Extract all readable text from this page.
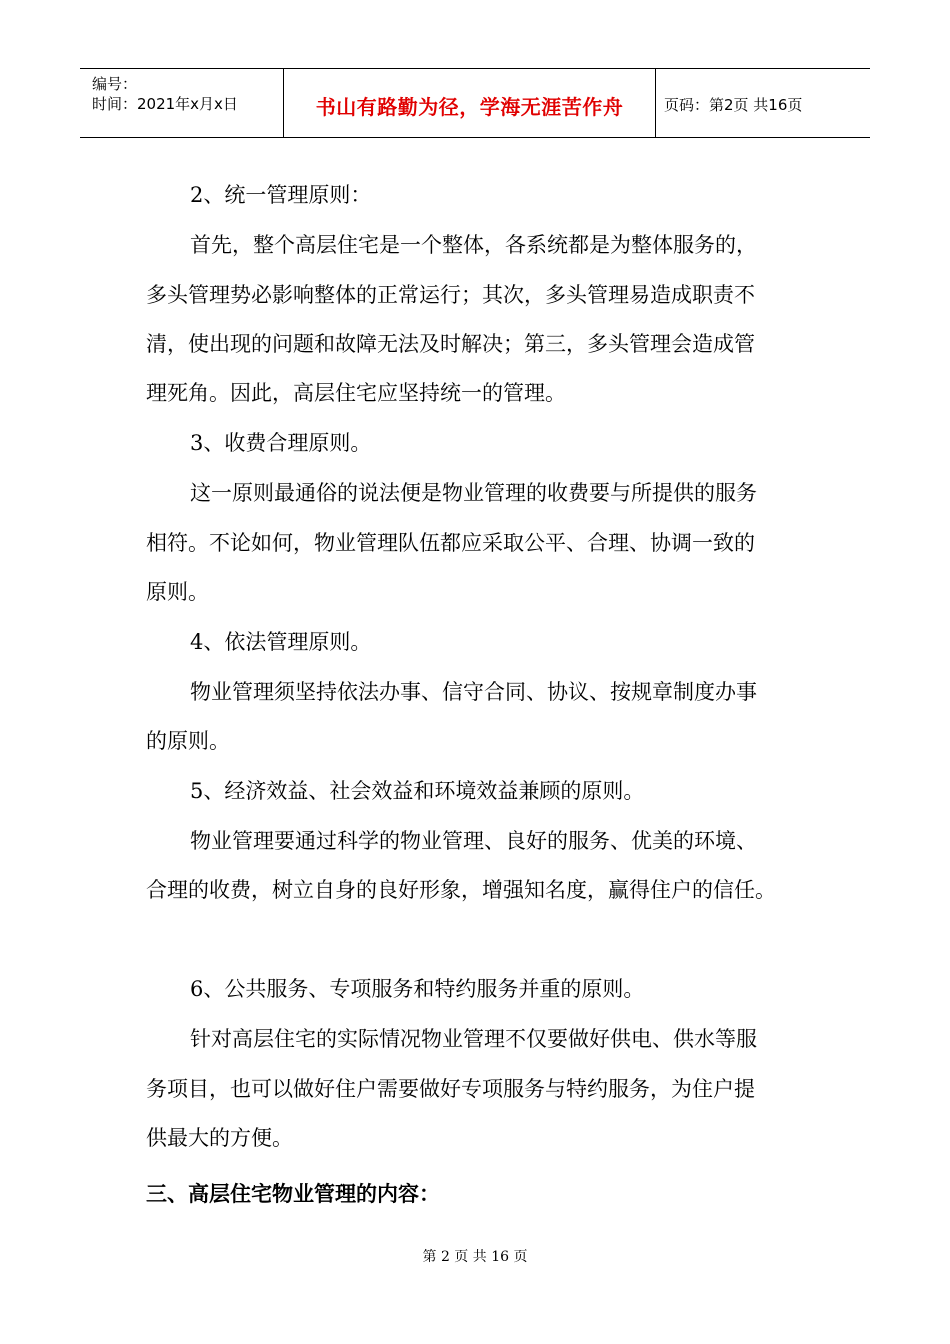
编号：
时间：2021年x月x日	书山有路勤为径，学海无涯苦作舟	页码：第2页 共16页
2、统一管理原则：
首先，整个高层住宅是一个整体，各系统都是为整体服务的，
多头管理势必影响整体的正常运行；其次，多头管理易造成职责不
清，使出现的问题和故障无法及时解决；第三，多头管理会造成管
理死角。因此，高层住宅应坚持统一的管理。
3、收费合理原则。
这一原则最通俗的说法便是物业管理的收费要与所提供的服务
相符。不论如何，物业管理队伍都应采取公平、合理、协调一致的
原则。
4、依法管理原则。
物业管理须坚持依法办事、信守合同、协议、按规章制度办事
的原则。
5、经济效益、社会效益和环境效益兼顾的原则。
物业管理要通过科学的物业管理、良好的服务、优美的环境、
合理的收费，树立自身的良好形象，增强知名度，赢得住户的信任。
6、公共服务、专项服务和特约服务并重的原则。
针对高层住宅的实际情况物业管理不仅要做好供电、供水等服
务项目，也可以做好住户需要做好专项服务与特约服务，为住户提
供最大的方便。
三、高层住宅物业管理的内容：
第 2 页 共 16 页
